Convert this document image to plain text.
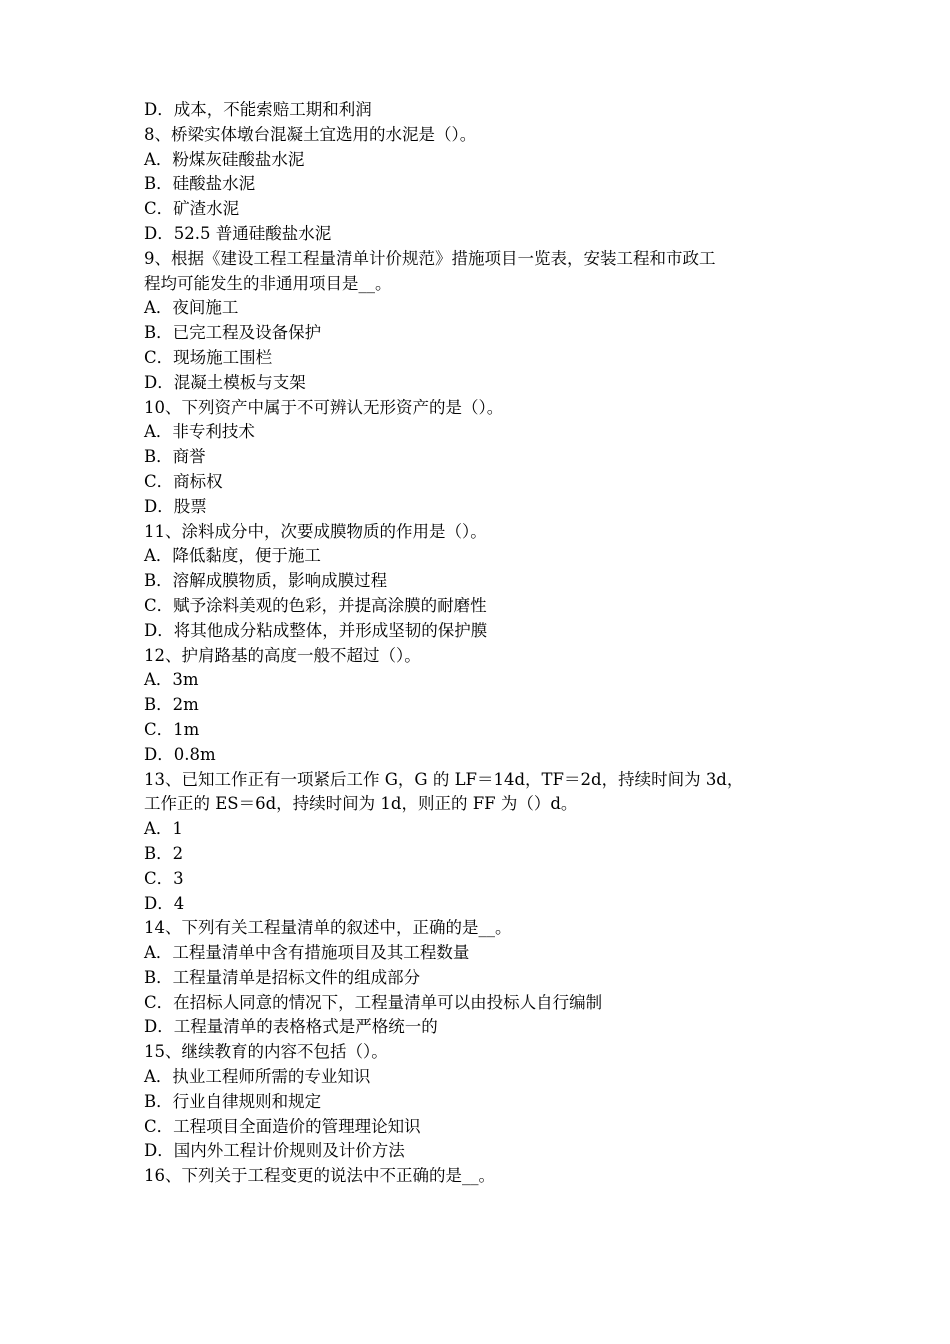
D．成本，不能索赔工期和利润
8、桥梁实体墩台混凝土宜选用的水泥是（）。
A．粉煤灰硅酸盐水泥
B．硅酸盐水泥
C．矿渣水泥
D．52.5 普通硅酸盐水泥
9、根据《建设工程工程量清单计价规范》措施项目一览表，安装工程和市政工
程均可能发生的非通用项目是__。
A．夜间施工
B．已完工程及设备保护
C．现场施工围栏
D．混凝土模板与支架
10、下列资产中属于不可辨认无形资产的是（）。
A．非专利技术
B．商誉
C．商标权
D．股票
11、涂料成分中，次要成膜物质的作用是（）。
A．降低黏度，便于施工
B．溶解成膜物质，影响成膜过程
C．赋予涂料美观的色彩，并提高涂膜的耐磨性
D．将其他成分粘成整体，并形成坚韧的保护膜
12、护肩路基的高度一般不超过（）。
A．3m
B．2m
C．1m
D．0.8m
13、已知工作正有一项紧后工作 G，G 的 LF＝14d，TF＝2d，持续时间为 3d，
工作正的 ES＝6d，持续时间为 1d，则正的 FF 为（）d。
A．1
B．2
C．3
D．4
14、下列有关工程量清单的叙述中，正确的是__。
A．工程量清单中含有措施项目及其工程数量
B．工程量清单是招标文件的组成部分
C．在招标人同意的情况下，工程量清单可以由投标人自行编制
D．工程量清单的表格格式是严格统一的
15、继续教育的内容不包括（）。
A．执业工程师所需的专业知识
B．行业自律规则和规定
C．工程项目全面造价的管理理论知识
D．国内外工程计价规则及计价方法
16、下列关于工程变更的说法中不正确的是__。
